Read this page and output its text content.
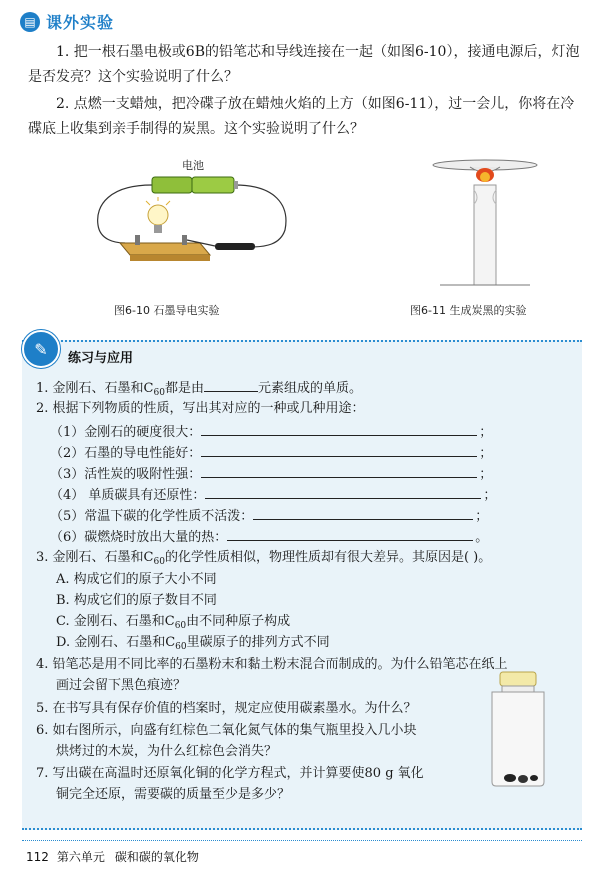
▤ 课外实验
1. 把一根石墨电极或6B的铅笔芯和导线连接在一起（如图6-10），接通电源后，灯泡是否发亮？这个实验说明了什么？
2. 点燃一支蜡烛，把冷碟子放在蜡烛火焰的上方（如图6-11），过一会儿，你将在冷碟底上收集到亲手制得的炭黑。这个实验说明了什么？
电池
图6-10 石墨导电实验	图6-11 生成炭黑的实验
✎	练习与应用
1. 金刚石、石墨和$C_{60}$都是由	元素组成的单质。
2. 根据下列物质的性质，写出其对应的一种或几种用途：
（1）金刚石的硬度很大：	；
（2）石墨的导电性能好：	；
（3）活性炭的吸附性强：	；
（4） 单质碳具有还原性：	；
（5）常温下碳的化学性质不活泼：	；
（6）碳燃烧时放出大量的热：	。
3. 金刚石、石墨和$C_{60}$的化学性质相似，物理性质却有很大差异。其原因是( )。
A. 构成它们的原子大小不同
B. 构成它们的原子数目不同
C. 金刚石、石墨和$C_{60}$由不同种原子构成
D. 金刚石、石墨和$C_{60}$里碳原子的排列方式不同
4. 铅笔芯是用不同比率的石墨粉末和黏土粉末混合而制成的。为什么铅笔芯在纸上
画过会留下黑色痕迹？
5. 在书写具有保存价值的档案时，规定应使用碳素墨水。为什么？
6. 如右图所示，向盛有红棕色二氧化氮气体的集气瓶里投入几小块
烘烤过的木炭，为什么红棕色会消失？
7. 写出碳在高温时还原氧化铜的化学方程式，并计算要使80 g 氧化
铜完全还原，需要碳的质量至少是多少？
112 第六单元 碳和碳的氧化物
